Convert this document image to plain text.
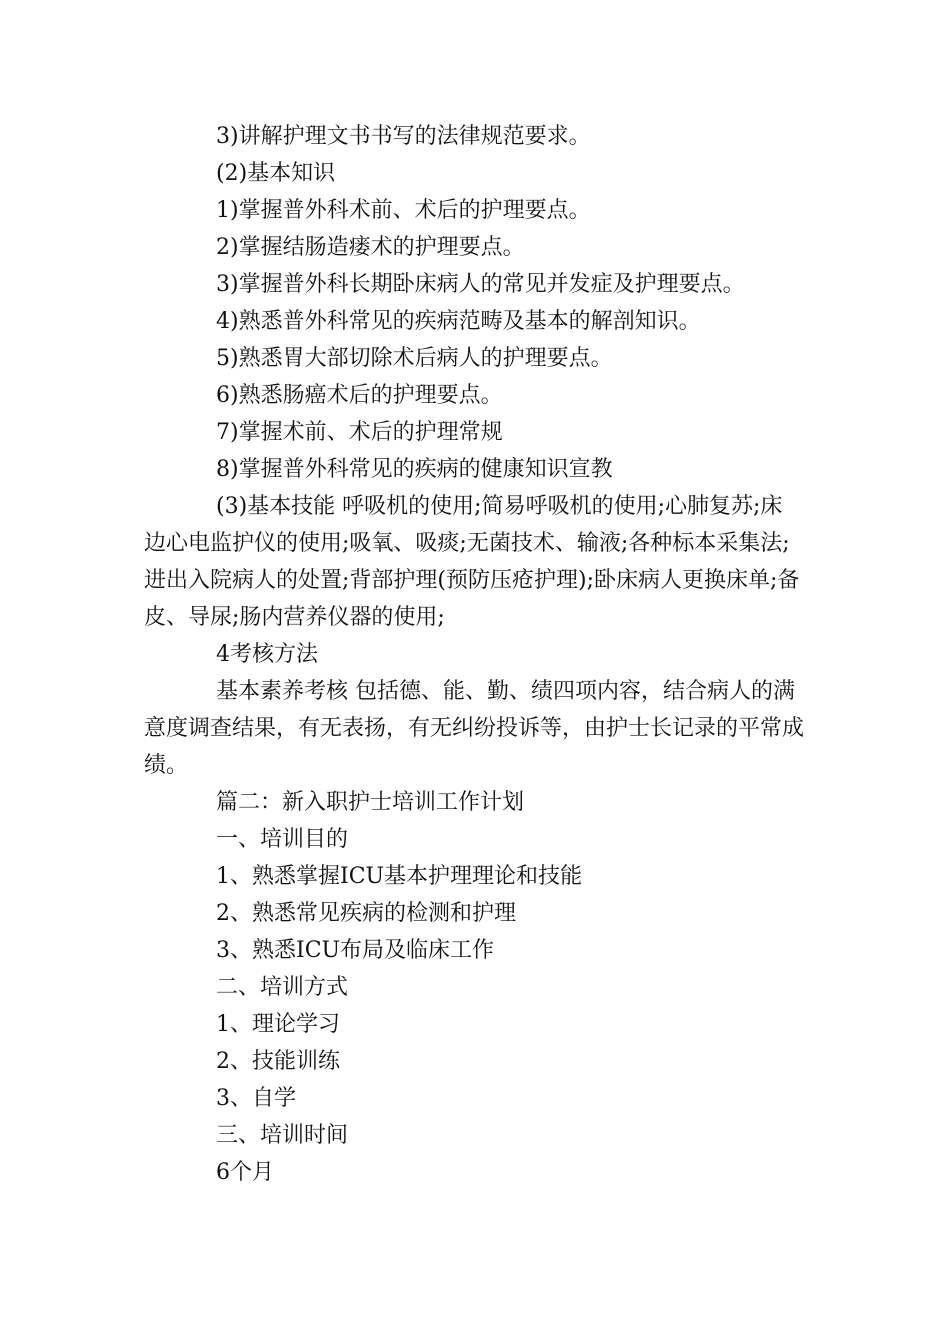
3)讲解护理文书书写的法律规范要求。
(2)基本知识
1)掌握普外科术前、术后的护理要点。
2)掌握结肠造瘘术的护理要点。
3)掌握普外科长期卧床病人的常见并发症及护理要点。
4)熟悉普外科常见的疾病范畴及基本的解剖知识。
5)熟悉胃大部切除术后病人的护理要点。
6)熟悉肠癌术后的护理要点。
7)掌握术前、术后的护理常规
8)掌握普外科常见的疾病的健康知识宣教
(3)基本技能 呼吸机的使用;简易呼吸机的使用;心肺复苏;床边心电监护仪的使用;吸氧、吸痰;无菌技术、输液;各种标本采集法;进出入院病人的处置;背部护理(预防压疮护理);卧床病人更换床单;备皮、导尿;肠内营养仪器的使用;
4考核方法
基本素养考核 包括德、能、勤、绩四项内容，结合病人的满意度调查结果，有无表扬，有无纠纷投诉等，由护士长记录的平常成绩。
篇二：新入职护士培训工作计划
一、培训目的
1、熟悉掌握ICU基本护理理论和技能
2、熟悉常见疾病的检测和护理
3、熟悉ICU布局及临床工作
二、培训方式
1、理论学习
2、技能训练
3、自学
三、培训时间
6个月
